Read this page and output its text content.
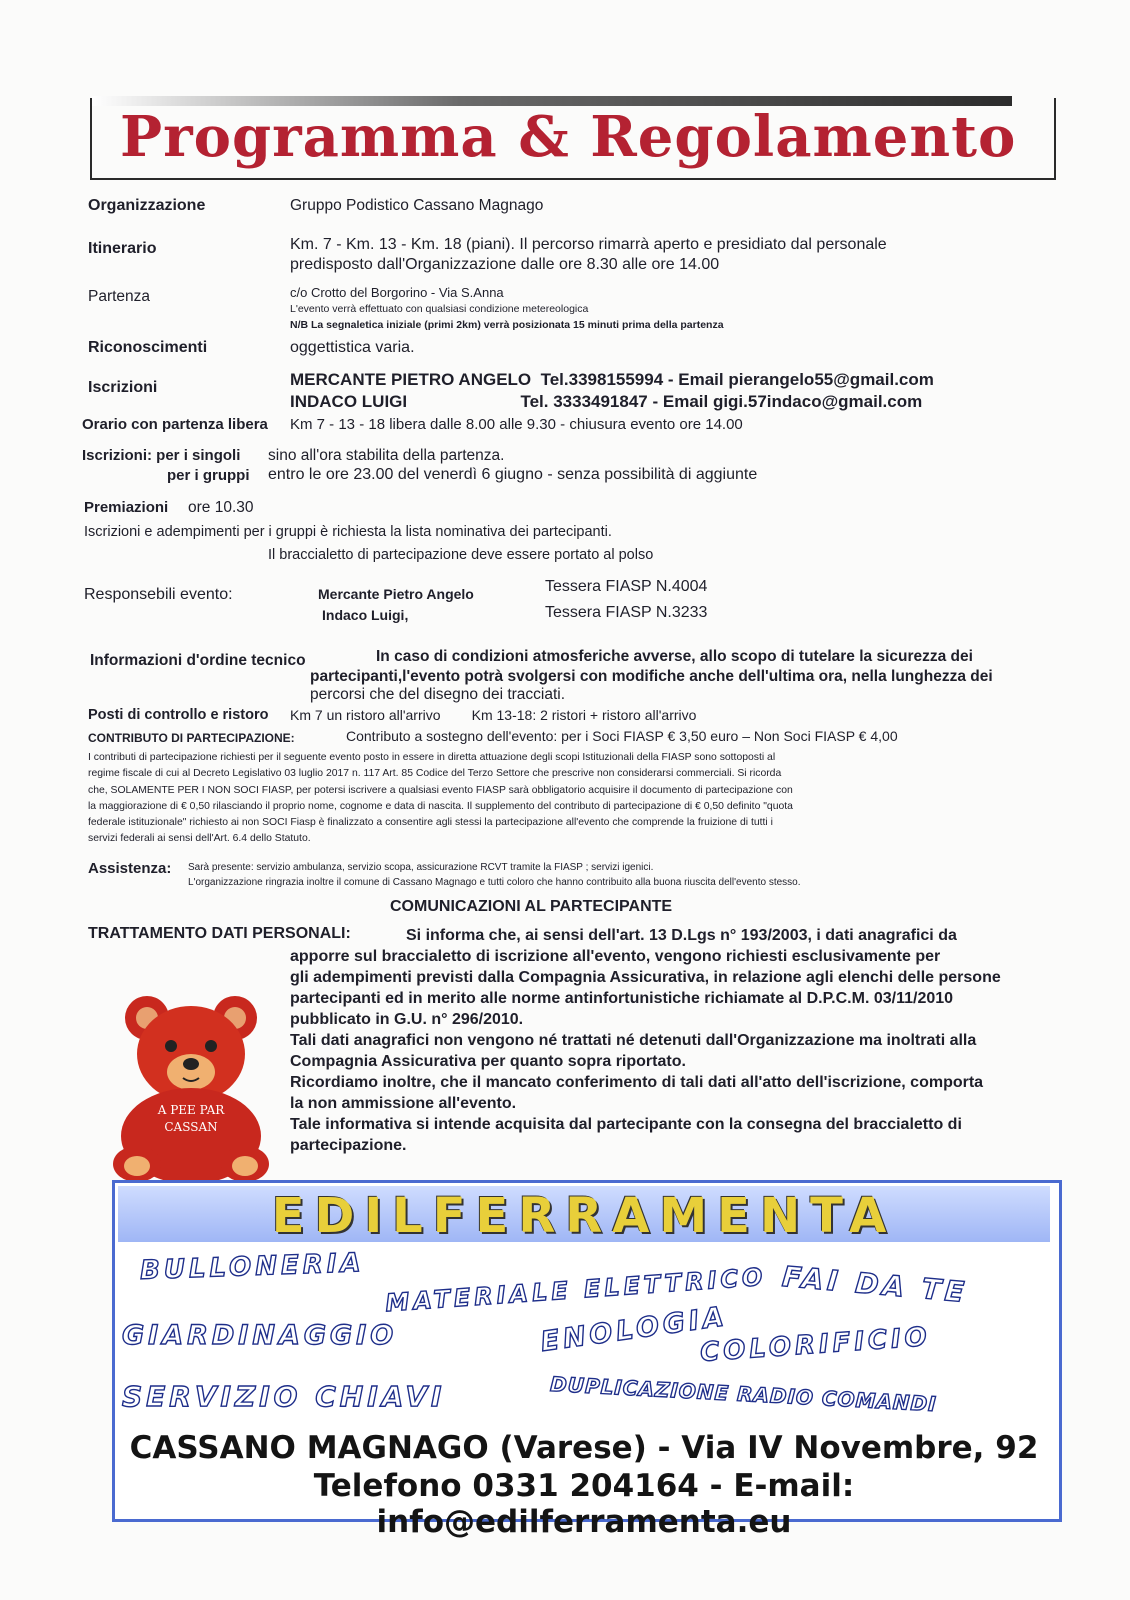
Programma & Regolamento
Organizzazione	Gruppo Podistico Cassano Magnago
Itinerario	Km. 7 - Km. 13 - Km. 18 (piani). Il percorso rimarrà aperto e presidiato dal personale
predisposto dall'Organizzazione dalle ore 8.30 alle ore 14.00
Partenza	c/o Crotto del Borgorino - Via S.Anna
L'evento verrà effettuato con qualsiasi condizione metereologica
N/B La segnaletica iniziale (primi 2km) verrà posizionata 15 minuti prima della partenza
Riconoscimenti	oggettistica varia.
Iscrizioni	MERCANTE PIETRO ANGELO  Tel.3398155994 - Email pierangelo55@gmail.com
INDACO LUIGI                        Tel. 3333491847 - Email gigi.57indaco@gmail.com
Orario con partenza libera Km 7 - 13 - 18 libera dalle 8.00 alle 9.30 - chiusura evento ore 14.00
Iscrizioni: per i singoli sino all'ora stabilita della partenza.
per i gruppi entro le ore 23.00 del venerdì 6 giugno - senza possibilità di aggiunte
Premiazioni ore 10.30
Iscrizioni e adempimenti per i gruppi è richiesta la lista nominativa dei partecipanti.
Il braccialetto di partecipazione deve essere portato al polso
Responsebili evento:	Mercante Pietro Angelo	Tessera FIASP N.4004
Indaco Luigi,	Tessera FIASP N.3233
Informazioni d'ordine tecnico	In caso di condizioni atmosferiche avverse, allo scopo di tutelare la sicurezza dei
partecipanti,l'evento potrà svolgersi con modifiche anche dell'ultima ora, nella lunghezza dei
percorsi che del disegno dei tracciati.
Posti di controllo e ristoro Km 7 un ristoro all'arrivo        Km 13-18: 2 ristori + ristoro all'arrivo
CONTRIBUTO DI PARTECIPAZIONE:	Contributo a sostegno dell'evento: per i Soci FIASP € 3,50 euro – Non Soci FIASP € 4,00
I contributi di partecipazione richiesti per il seguente evento posto in essere in diretta attuazione degli scopi Istituzionali della FIASP sono sottoposti al
regime fiscale di cui al Decreto Legislativo 03 luglio 2017 n. 117 Art. 85 Codice del Terzo Settore che prescrive non considerarsi commerciali. Si ricorda
che, SOLAMENTE PER I NON SOCI FIASP, per potersi iscrivere a qualsiasi evento FIASP sarà obbligatorio acquisire il documento di partecipazione con
la maggiorazione di € 0,50 rilasciando il proprio nome, cognome e data di nascita. Il supplemento del contributo di partecipazione di € 0,50 definito "quota
federale istituzionale" richiesto ai non SOCI Fiasp è finalizzato a consentire agli stessi la partecipazione all'evento che comprende la fruizione di tutti i
servizi federali ai sensi dell'Art. 6.4 dello Statuto.
Assistenza: Sarà presente: servizio ambulanza, servizio scopa, assicurazione RCVT tramite la FIASP ; servizi igenici.
L'organizzazione ringrazia inoltre il comune di Cassano Magnago e tutti coloro che hanno contribuito alla buona riuscita dell'evento stesso.
COMUNICAZIONI AL PARTECIPANTE
TRATTAMENTO DATI PERSONALI:	Si informa che, ai sensi dell'art. 13 D.Lgs n° 193/2003, i dati anagrafici da
apporre sul braccialetto di iscrizione all'evento, vengono richiesti esclusivamente per
gli adempimenti previsti dalla Compagnia Assicurativa, in relazione agli elenchi delle persone
partecipanti ed in merito alle norme antinfortunistiche richiamate al D.P.C.M. 03/11/2010
pubblicato in G.U. n° 296/2010.
Tali dati anagrafici non vengono né trattati né detenuti dall'Organizzazione ma inoltrati alla
Compagnia Assicurativa per quanto sopra riportato.
Ricordiamo inoltre, che il mancato conferimento di tali dati all'atto dell'iscrizione, comporta
la non ammissione all'evento.
Tale informativa si intende acquisita dal partecipante con la consegna del braccialetto di
partecipazione.
A PEE PAR
CASSAN
EDILFERRAMENTA
BULLONERIA MATERIALE ELETTRICO FAI DA TE
GIARDINAGGIO	ENOLOGIA
COLORIFICIO
SERVIZIO CHIAVI	DUPLICAZIONE RADIO COMANDI
CASSANO MAGNAGO (Varese) - Via IV Novembre, 92
Telefono 0331 204164 - E-mail: info@edilferramenta.eu
